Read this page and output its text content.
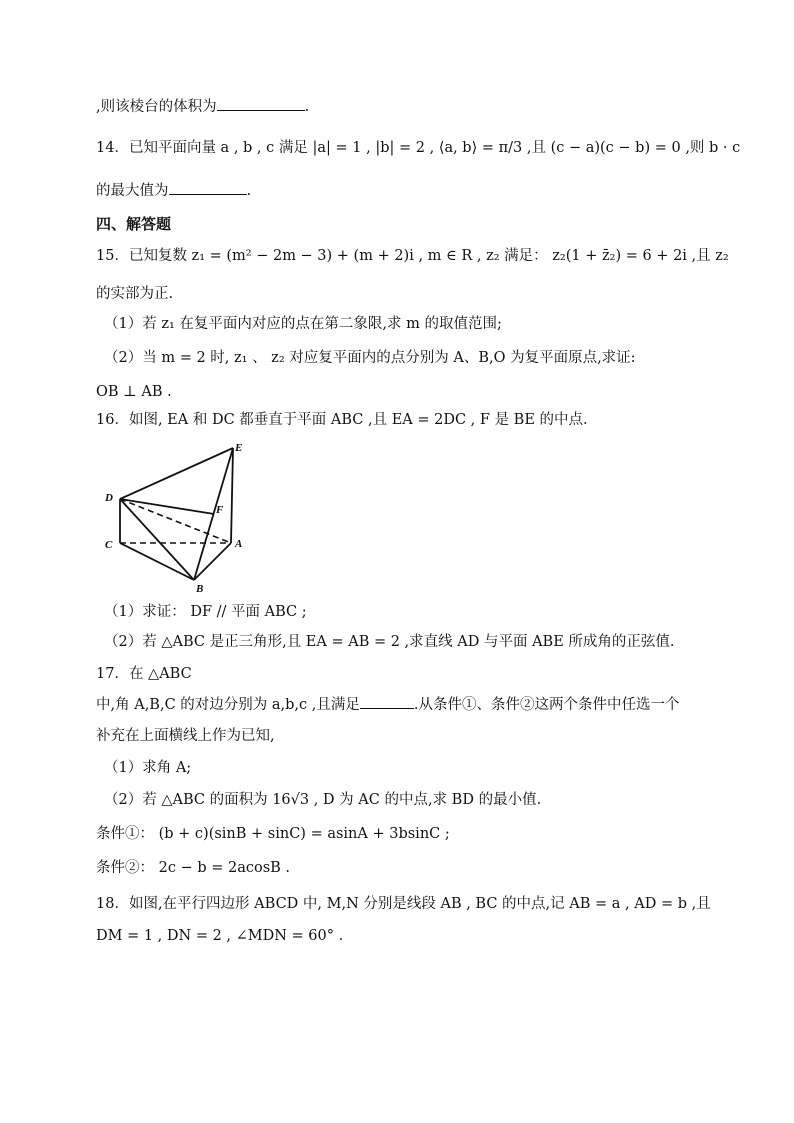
,则该棱台的体积为	.
14．已知平面向量 a , b , c 满足 |a| = 1 , |b| = 2 , ⟨a, b⟩ = π/3 ,且 (c − a)(c − b) = 0 ,则 b · c
的最大值为	.
四、解答题
15．已知复数 z₁ = (m² − 2m − 3) + (m + 2)i , m ∈ R , z₂ 满足： z₂(1 + z̄₂) = 6 + 2i ,且 z₂
的实部为正.
（1）若 z₁ 在复平面内对应的点在第二象限,求 m 的取值范围;
（2）当 m = 2 时, z₁ 、 z₂ 对应复平面内的点分别为 A、B,O 为复平面原点,求证:
OB ⊥ AB .
16．如图, EA 和 DC 都垂直于平面 ABC ,且 EA = 2DC , F 是 BE 的中点.
E
D
F
C	A
B
（1）求证： DF // 平面 ABC ;
（2）若 △ABC 是正三角形,且 EA = AB = 2 ,求直线 AD 与平面 ABE 所成角的正弦值.
17．在 △ABC
中,角 A,B,C 的对边分别为 a,b,c ,且满足	.从条件①、条件②这两个条件中任选一个
补充在上面横线上作为已知,
（1）求角 A;
（2）若 △ABC 的面积为 16√3 , D 为 AC 的中点,求 BD 的最小值.
条件①： (b + c)(sinB + sinC) = asinA + 3bsinC ;
条件②： 2c − b = 2acosB .
18．如图,在平行四边形 ABCD 中, M,N 分别是线段 AB , BC 的中点,记 AB = a , AD = b ,且
DM = 1 , DN = 2 , ∠MDN = 60° .
